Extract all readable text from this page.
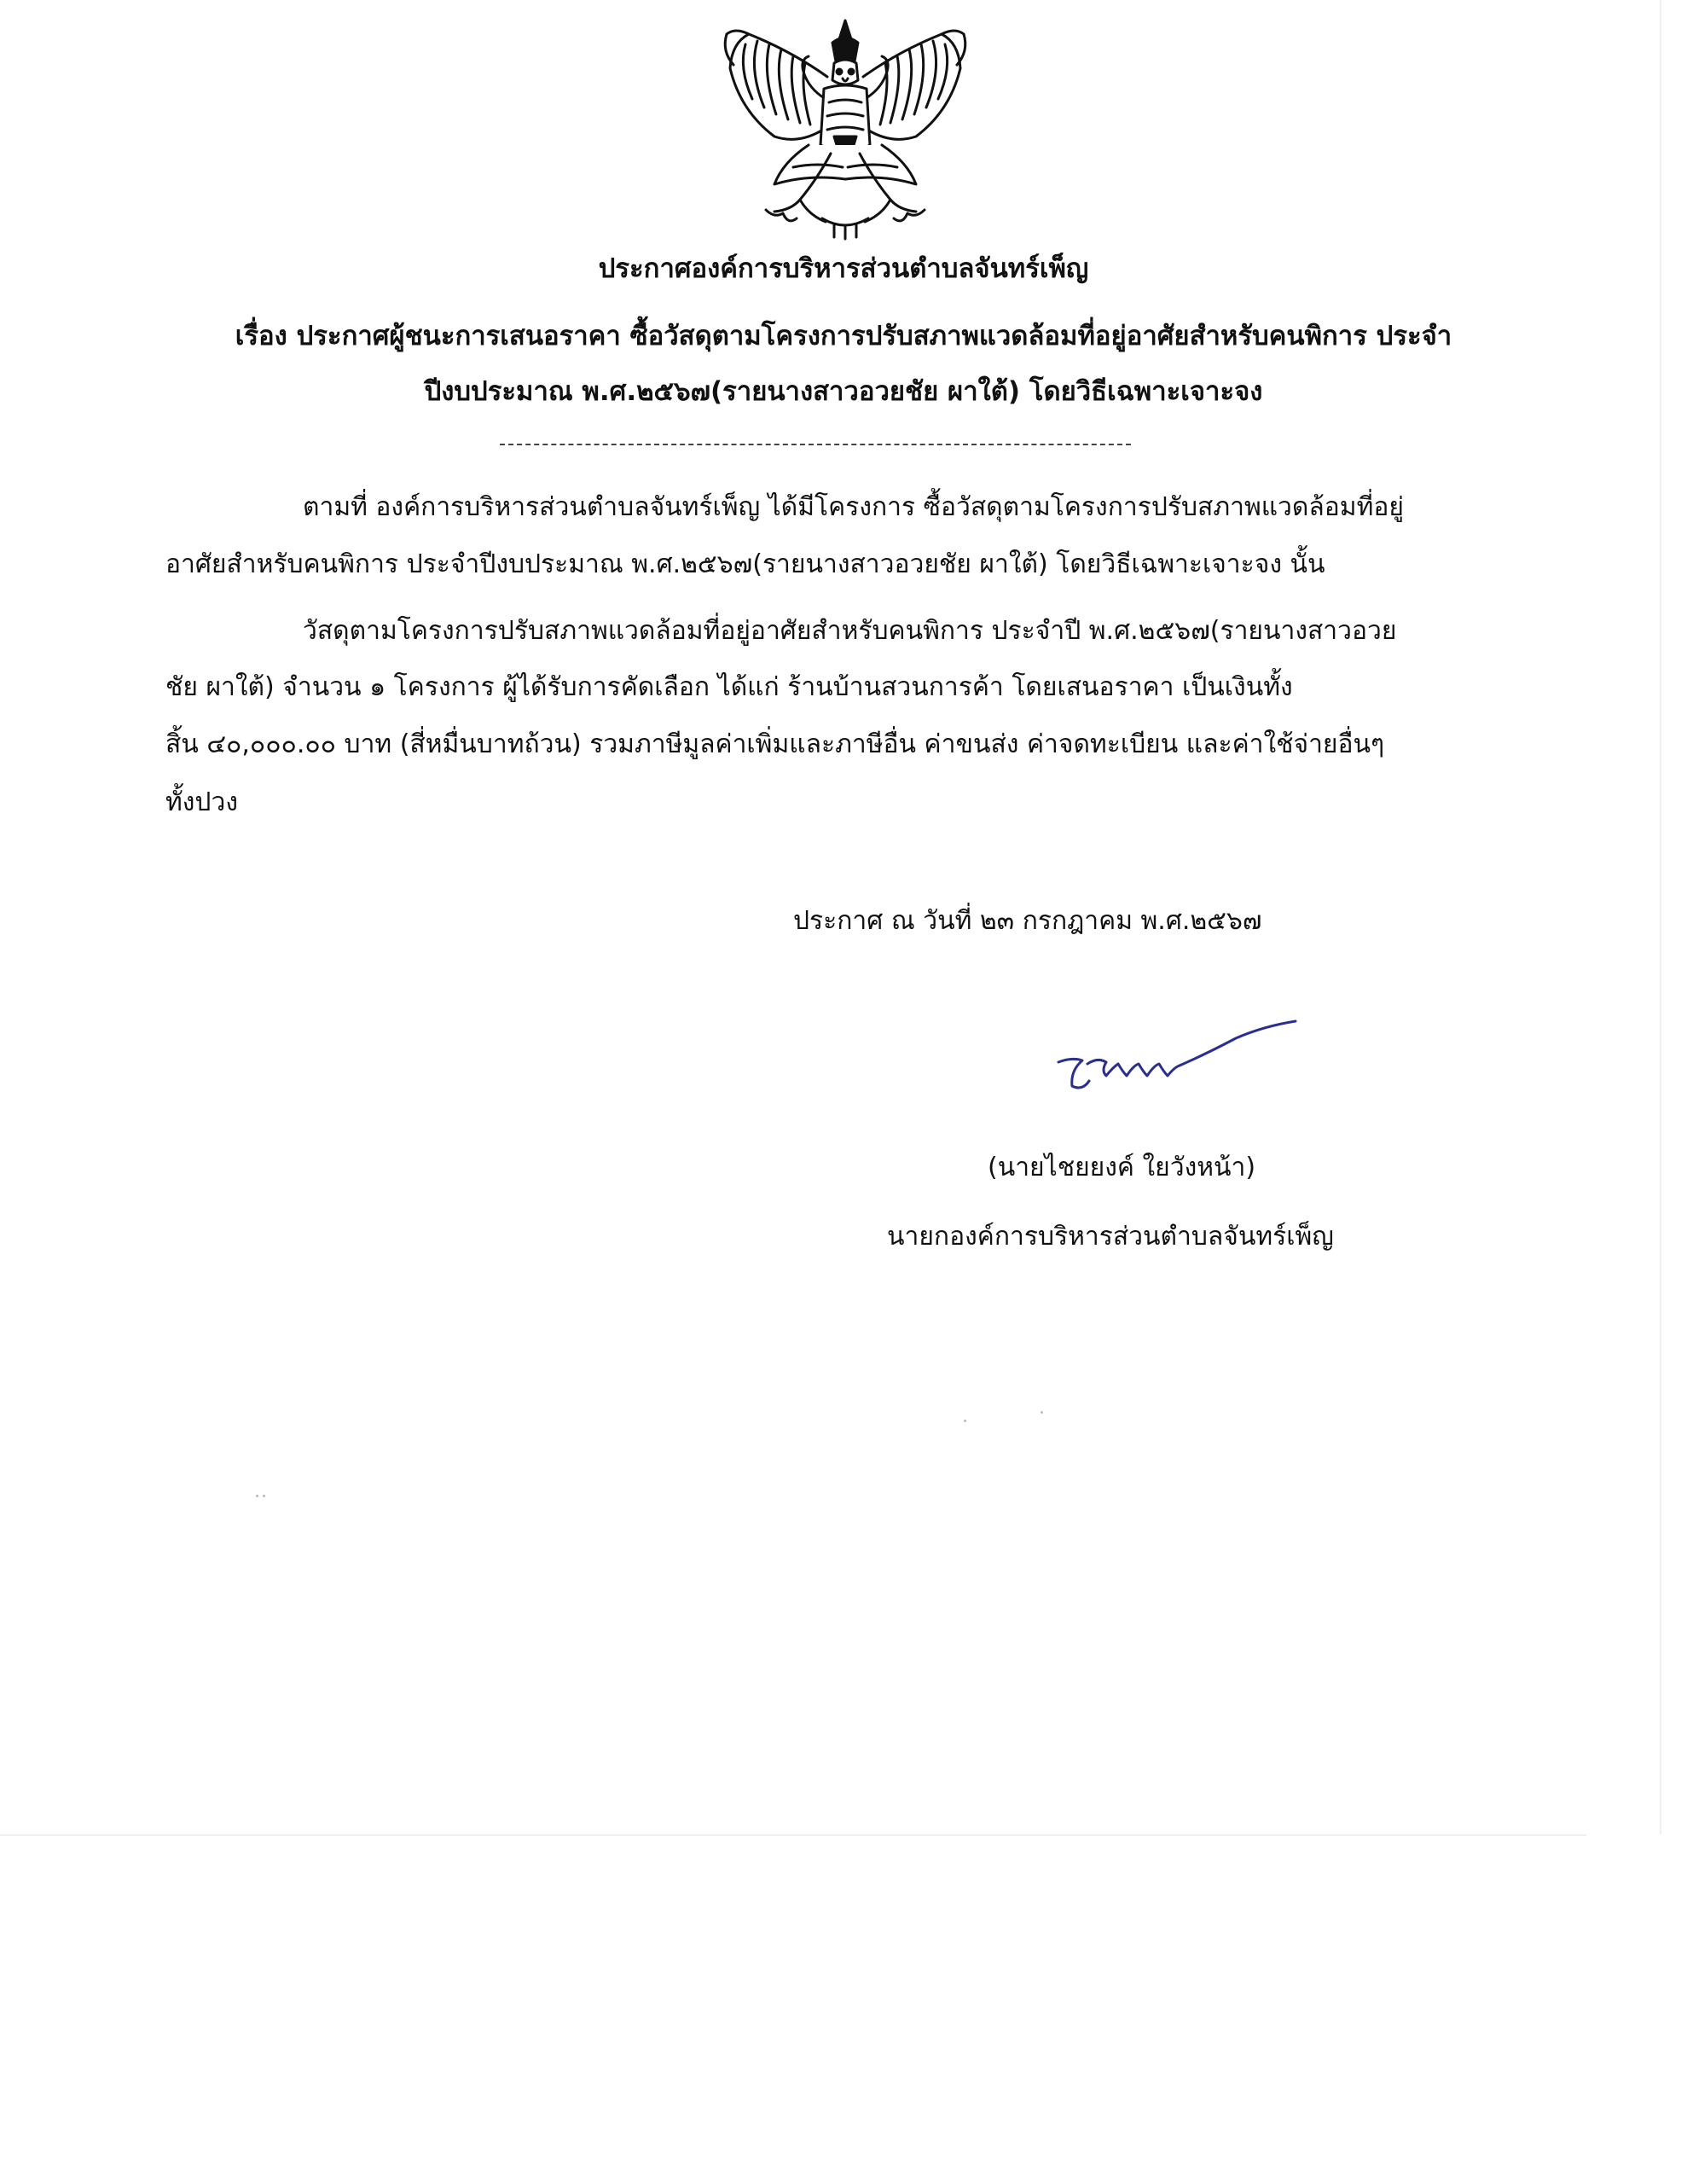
ประกาศองค์การบริหารส่วนตำบลจันทร์เพ็ญ
เรื่อง ประกาศผู้ชนะการเสนอราคา ซื้อวัสดุตามโครงการปรับสภาพแวดล้อมที่อยู่อาศัยสำหรับคนพิการ ประจำ
ปีงบประมาณ พ.ศ.๒๕๖๗(รายนางสาวอวยชัย ผาใต้) โดยวิธีเฉพาะเจาะจง
ตามที่ องค์การบริหารส่วนตำบลจันทร์เพ็ญ ได้มีโครงการ ซื้อวัสดุตามโครงการปรับสภาพแวดล้อมที่อยู่
อาศัยสำหรับคนพิการ ประจำปีงบประมาณ พ.ศ.๒๕๖๗(รายนางสาวอวยชัย ผาใต้) โดยวิธีเฉพาะเจาะจง นั้น
วัสดุตามโครงการปรับสภาพแวดล้อมที่อยู่อาศัยสำหรับคนพิการ ประจำปี พ.ศ.๒๕๖๗(รายนางสาวอวย
ชัย ผาใต้) จำนวน ๑ โครงการ ผู้ได้รับการคัดเลือก ได้แก่ ร้านบ้านสวนการค้า โดยเสนอราคา เป็นเงินทั้ง
สิ้น ๔๐,๐๐๐.๐๐ บาท (สี่หมื่นบาทถ้วน) รวมภาษีมูลค่าเพิ่มและภาษีอื่น ค่าขนส่ง ค่าจดทะเบียน และค่าใช้จ่ายอื่นๆ
ทั้งปวง
ประกาศ ณ วันที่ ๒๓ กรกฎาคม พ.ศ.๒๕๖๗
(นายไชยยงค์ ใยวังหน้า)
นายกองค์การบริหารส่วนตำบลจันทร์เพ็ญ
